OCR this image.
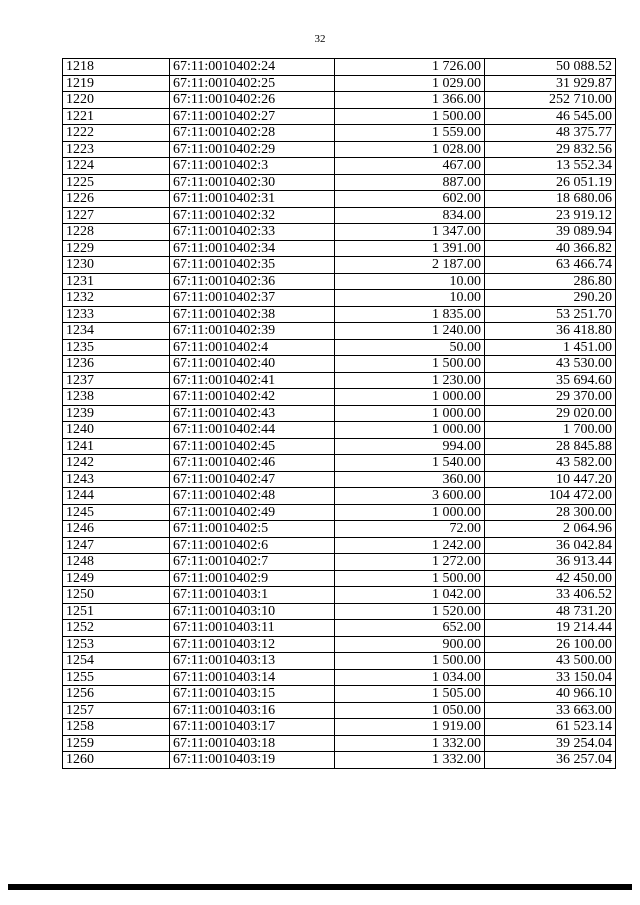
32
1218	67:11:0010402:24	1 726.00	50 088.52
1219	67:11:0010402:25	1 029.00	31 929.87
1220	67:11:0010402:26	1 366.00	252 710.00
1221	67:11:0010402:27	1 500.00	46 545.00
1222	67:11:0010402:28	1 559.00	48 375.77
1223	67:11:0010402:29	1 028.00	29 832.56
1224	67:11:0010402:3	467.00	13 552.34
1225	67:11:0010402:30	887.00	26 051.19
1226	67:11:0010402:31	602.00	18 680.06
1227	67:11:0010402:32	834.00	23 919.12
1228	67:11:0010402:33	1 347.00	39 089.94
1229	67:11:0010402:34	1 391.00	40 366.82
1230	67:11:0010402:35	2 187.00	63 466.74
1231	67:11:0010402:36	10.00	286.80
1232	67:11:0010402:37	10.00	290.20
1233	67:11:0010402:38	1 835.00	53 251.70
1234	67:11:0010402:39	1 240.00	36 418.80
1235	67:11:0010402:4	50.00	1 451.00
1236	67:11:0010402:40	1 500.00	43 530.00
1237	67:11:0010402:41	1 230.00	35 694.60
1238	67:11:0010402:42	1 000.00	29 370.00
1239	67:11:0010402:43	1 000.00	29 020.00
1240	67:11:0010402:44	1 000.00	1 700.00
1241	67:11:0010402:45	994.00	28 845.88
1242	67:11:0010402:46	1 540.00	43 582.00
1243	67:11:0010402:47	360.00	10 447.20
1244	67:11:0010402:48	3 600.00	104 472.00
1245	67:11:0010402:49	1 000.00	28 300.00
1246	67:11:0010402:5	72.00	2 064.96
1247	67:11:0010402:6	1 242.00	36 042.84
1248	67:11:0010402:7	1 272.00	36 913.44
1249	67:11:0010402:9	1 500.00	42 450.00
1250	67:11:0010403:1	1 042.00	33 406.52
1251	67:11:0010403:10	1 520.00	48 731.20
1252	67:11:0010403:11	652.00	19 214.44
1253	67:11:0010403:12	900.00	26 100.00
1254	67:11:0010403:13	1 500.00	43 500.00
1255	67:11:0010403:14	1 034.00	33 150.04
1256	67:11:0010403:15	1 505.00	40 966.10
1257	67:11:0010403:16	1 050.00	33 663.00
1258	67:11:0010403:17	1 919.00	61 523.14
1259	67:11:0010403:18	1 332.00	39 254.04
1260	67:11:0010403:19	1 332.00	36 257.04
